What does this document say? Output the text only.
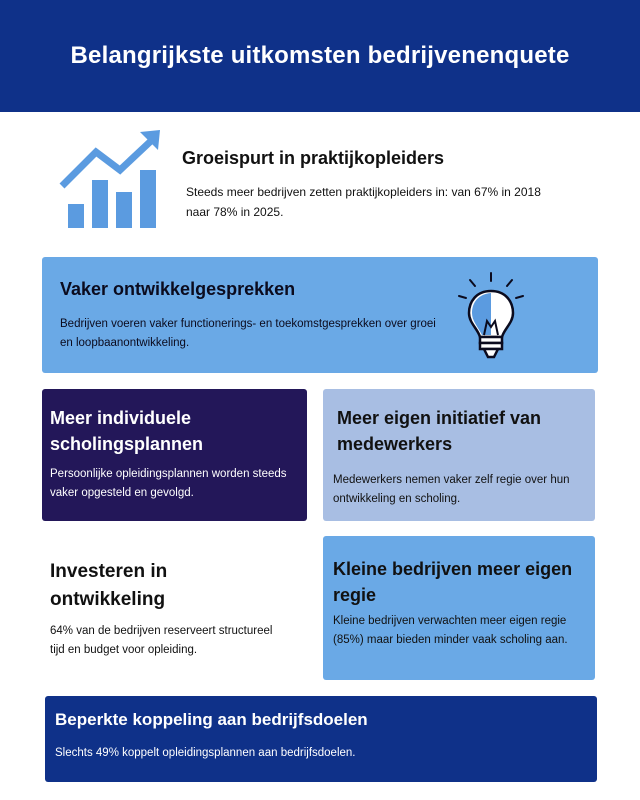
Belangrijkste uitkomsten bedrijvenenquete
Groeispurt in praktijkopleiders

Steeds meer bedrijven zetten praktijkopleiders in: van 67% in 2018 naar 78% in 2025.

Vaker ontwikkelgesprekken

Bedrijven voeren vaker functionerings- en toekomstgesprekken over groei en loopbaanontwikkeling.

Meer individuele scholingsplannen

Persoonlijke opleidingsplannen worden steeds vaker opgesteld en gevolgd.

Meer eigen initiatief van medewerkers

Medewerkers nemen vaker zelf regie over hun ontwikkeling en scholing.

Investeren in ontwikkeling

64% van de bedrijven reserveert structureel tijd en budget voor opleiding.

Kleine bedrijven meer eigen regie

Kleine bedrijven verwachten meer eigen regie (85%) maar bieden minder vaak scholing aan.

Beperkte koppeling aan bedrijfsdoelen

Slechts 49% koppelt opleidingsplannen aan bedrijfsdoelen.
